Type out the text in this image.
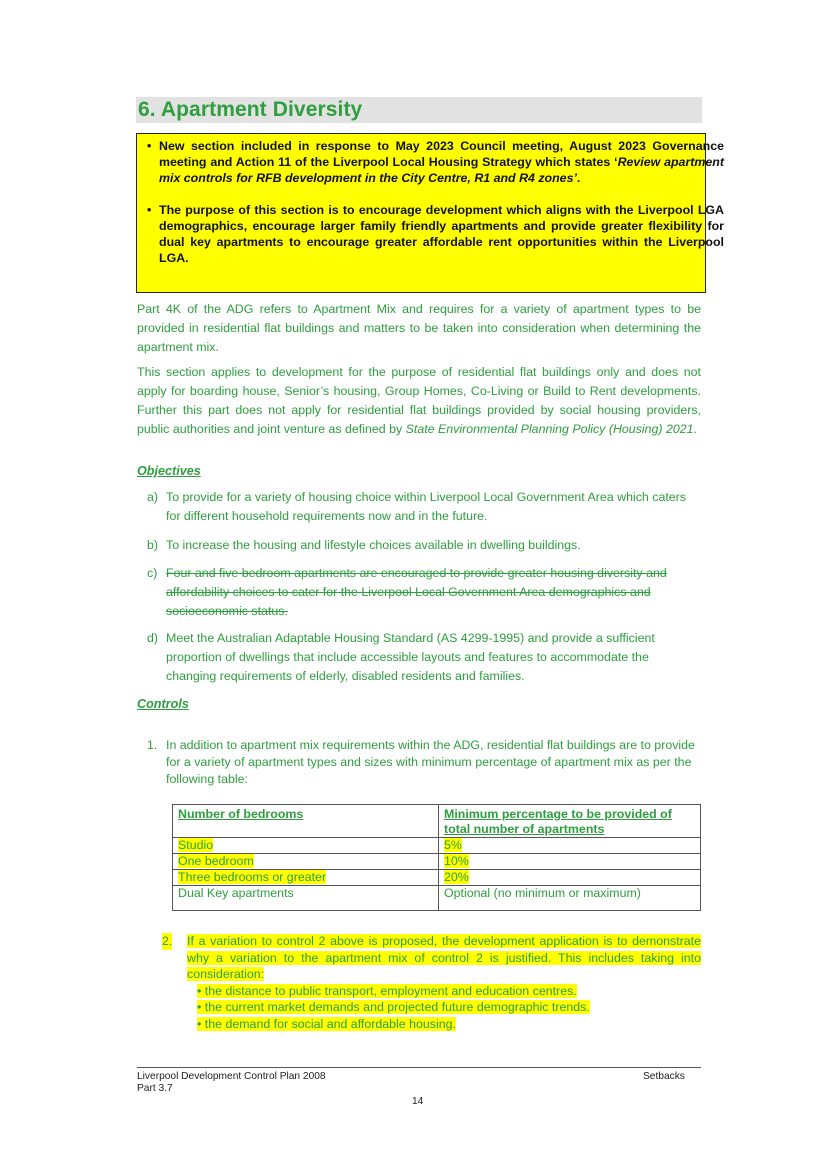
6. Apartment Diversity
• New section included in response to May 2023 Council meeting, August 2023 Governance meeting and Action 11 of the Liverpool Local Housing Strategy which states ‘Review apartment mix controls for RFB development in the City Centre, R1 and R4 zones’.
• The purpose of this section is to encourage development which aligns with the Liverpool LGA demographics, encourage larger family friendly apartments and provide greater flexibility for dual key apartments to encourage greater affordable rent opportunities within the Liverpool LGA.

Part 4K of the ADG refers to Apartment Mix and requires for a variety of apartment types to be provided in residential flat buildings and matters to be taken into consideration when determining the apartment mix.

This section applies to development for the purpose of residential flat buildings only and does not apply for boarding house, Senior’s housing, Group Homes, Co-Living or Build to Rent developments. Further this part does not apply for residential flat buildings provided by social housing providers, public authorities and joint venture as defined by State Environmental Planning Policy (Housing) 2021.

Objectives
a) To provide for a variety of housing choice within Liverpool Local Government Area which caters for different household requirements now and in the future.
b) To increase the housing and lifestyle choices available in dwelling buildings.
c) Four and five bedroom apartments are encouraged to provide greater housing diversity and affordability choices to cater for the Liverpool Local Government Area demographics and socioeconomic status.
d) Meet the Australian Adaptable Housing Standard (AS 4299-1995) and provide a sufficient proportion of dwellings that include accessible layouts and features to accommodate the changing requirements of elderly, disabled residents and families.
Controls
1. In addition to apartment mix requirements within the ADG, residential flat buildings are to provide for a variety of apartment types and sizes with minimum percentage of apartment mix as per the following table:
Number of bedrooms	Minimum percentage to be provided of total number of apartments
Studio	5%
One bedroom	10%
Three bedrooms or greater	20%
Dual Key apartments	Optional (no minimum or maximum)
2.	If a variation to control 2 above is proposed, the development application is to demonstrate why a variation to the apartment mix of control 2 is justified. This includes taking into consideration:
• the distance to public transport, employment and education centres.
• the current market demands and projected future demographic trends.
• the demand for social and affordable housing.
Liverpool Development Control Plan 2008
Part 3.7
Setbacks
14
